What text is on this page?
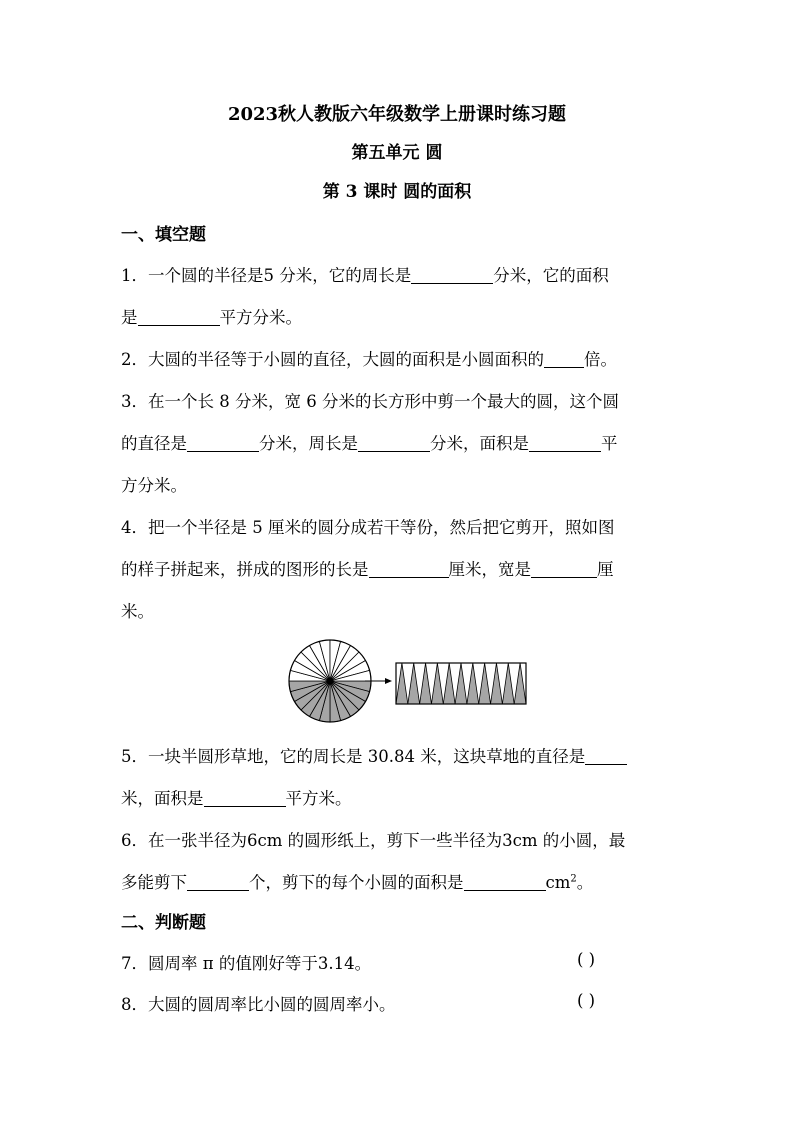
2023秋人教版六年级数学上册课时练习题
第五单元 圆
第 3 课时 圆的面积
一、填空题
1．一个圆的半径是5 分米，它的周长是	分米，它的面积
是	平方分米。
2．大圆的半径等于小圆的直径，大圆的面积是小圆面积的 倍。
3．在一个长 8 分米，宽 6 分米的长方形中剪一个最大的圆，这个圆
的直径是	分米，周长是	分米，面积是	平
方分米。
4．把一个半径是 5 厘米的圆分成若干等份，然后把它剪开，照如图
的样子拼起来，拼成的图形的长是	厘米，宽是	厘
米。
5．一块半圆形草地，它的周长是 30.84 米，这块草地的直径是
米，面积是	平方米。
6．在一张半径为6cm 的圆形纸上，剪下一些半径为3cm 的小圆，最
多能剪下	个，剪下的每个小圆的面积是	$cm^2$。
二、判断题
7．圆周率 π 的值刚好等于3.14。	( )
8．大圆的圆周率比小圆的圆周率小。	( )
